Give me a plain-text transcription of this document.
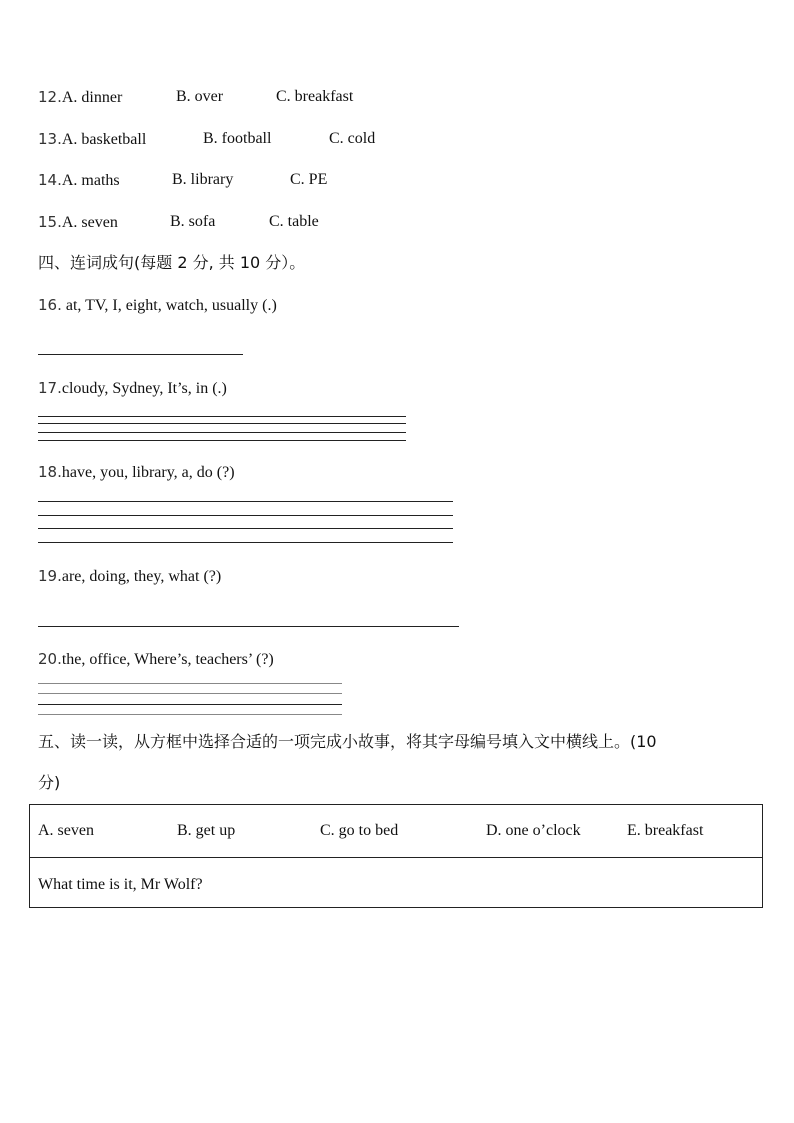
12.A. dinner	B. over	C. breakfast
13.A. basketball	B. football	C. cold
14.A. maths	B. library	C. PE
15.A. seven	B. sofa	C. table
四、连词成句(每题 2 分, 共 10 分）。
16. at, TV, I, eight, watch, usually (.)
17.cloudy, Sydney, It’s, in (.)
18.have, you, library, a, do (?)
19.are, doing, they, what (?)
20.the, office, Where’s, teachers’ (?)
五、读一读，从方框中选择合适的一项完成小故事，将其字母编号填入文中横线上。(10
分)
A. seven	B. get up	C. go to bed	D. one o’clock	E. breakfast
What time is it, Mr Wolf?
